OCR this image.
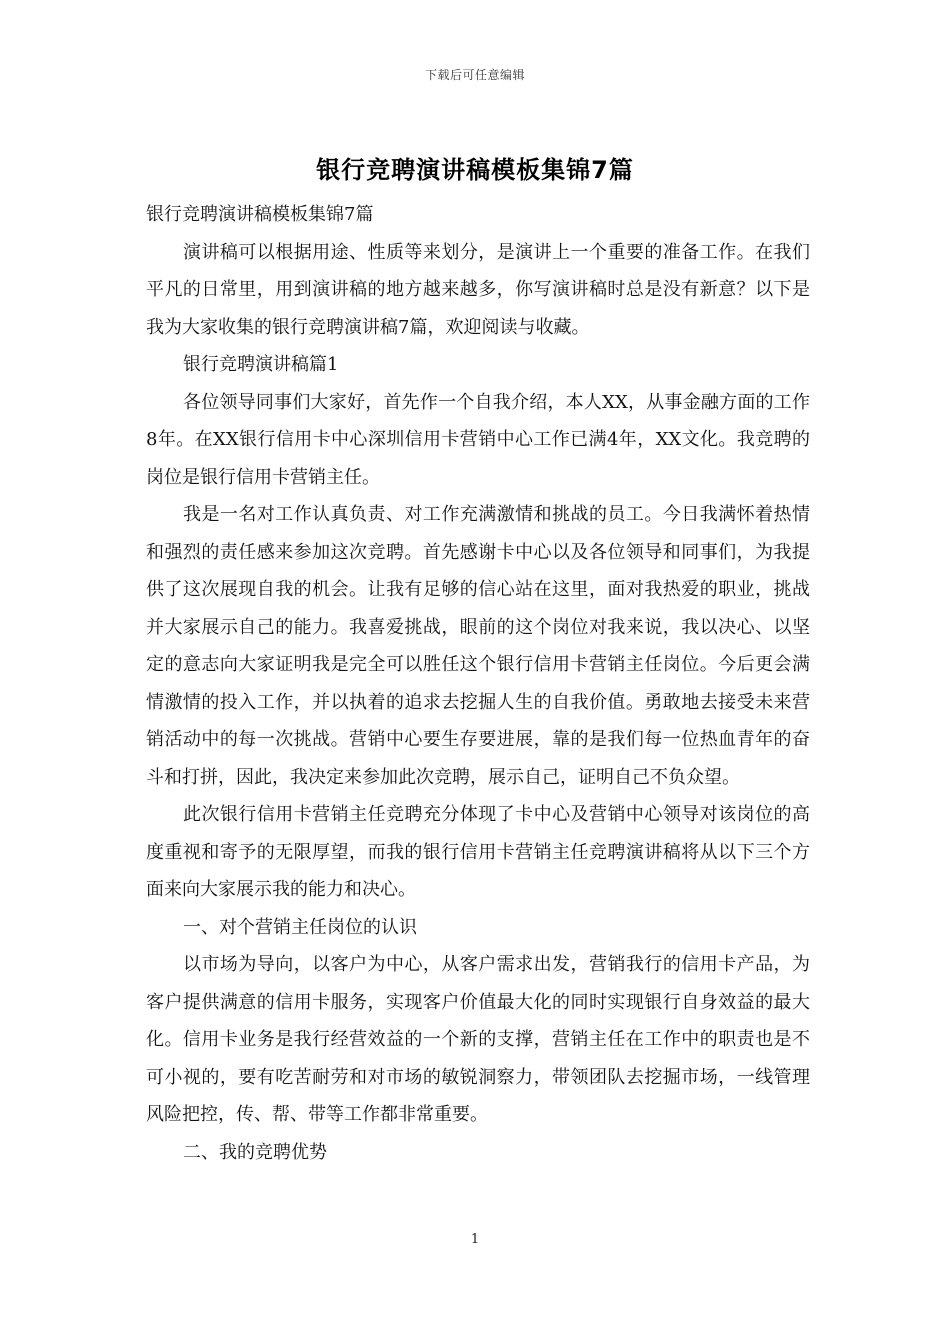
下载后可任意编辑
银行竞聘演讲稿模板集锦7篇

银行竞聘演讲稿模板集锦7篇

演讲稿可以根据用途、性质等来划分，是演讲上一个重要的准备工作。在我们平凡的日常里，用到演讲稿的地方越来越多，你写演讲稿时总是没有新意？以下是我为大家收集的银行竞聘演讲稿7篇，欢迎阅读与收藏。

银行竞聘演讲稿篇1

各位领导同事们大家好，首先作一个自我介绍，本人XX，从事金融方面的工作8年。在XX银行信用卡中心深圳信用卡营销中心工作已满4年，XX文化。我竞聘的岗位是银行信用卡营销主任。

我是一名对工作认真负责、对工作充满激情和挑战的员工。今日我满怀着热情和强烈的责任感来参加这次竞聘。首先感谢卡中心以及各位领导和同事们，为我提供了这次展现自我的机会。让我有足够的信心站在这里，面对我热爱的职业，挑战并大家展示自己的能力。我喜爱挑战，眼前的这个岗位对我来说，我以决心、以坚定的意志向大家证明我是完全可以胜任这个银行信用卡营销主任岗位。今后更会满情激情的投入工作，并以执着的追求去挖掘人生的自我价值。勇敢地去接受未来营销活动中的每一次挑战。营销中心要生存要进展，靠的是我们每一位热血青年的奋斗和打拼，因此，我决定来参加此次竞聘，展示自己，证明自己不负众望。

此次银行信用卡营销主任竞聘充分体现了卡中心及营销中心领导对该岗位的高度重视和寄予的无限厚望，而我的银行信用卡营销主任竞聘演讲稿将从以下三个方面来向大家展示我的能力和决心。

一、对个营销主任岗位的认识

以市场为导向，以客户为中心，从客户需求出发，营销我行的信用卡产品，为客户提供满意的信用卡服务，实现客户价值最大化的同时实现银行自身效益的最大化。信用卡业务是我行经营效益的一个新的支撑，营销主任在工作中的职责也是不可小视的，要有吃苦耐劳和对市场的敏锐洞察力，带领团队去挖掘市场，一线管理风险把控，传、帮、带等工作都非常重要。

二、我的竞聘优势

1
